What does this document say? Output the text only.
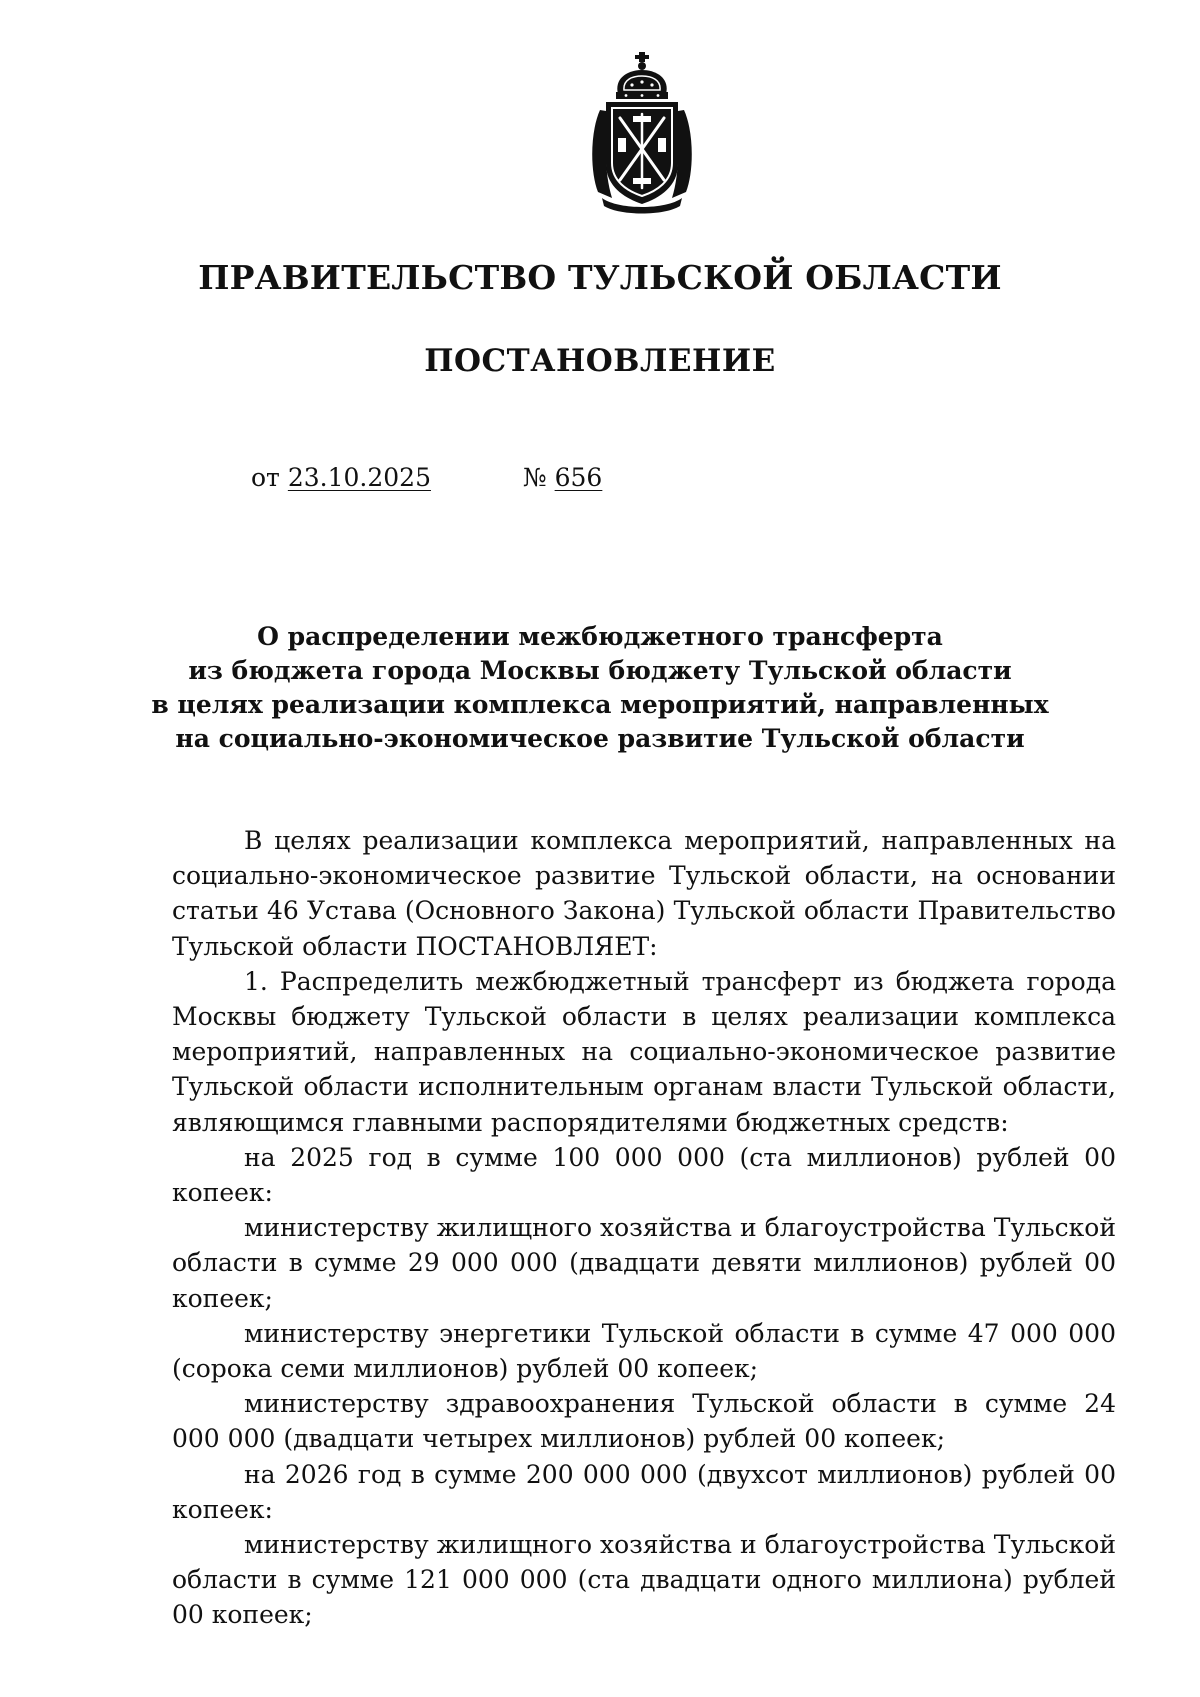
ПРАВИТЕЛЬСТВО ТУЛЬСКОЙ ОБЛАСТИ
ПОСТАНОВЛЕНИЕ
от 23.10.2025	№ 656
О распределении межбюджетного трансферта
из бюджета города Москвы бюджету Тульской области
в целях реализации комплекса мероприятий, направленных
на социально-экономическое развитие Тульской области

В целях реализации комплекса мероприятий, направленных на социально-экономическое развитие Тульской области, на основании статьи 46 Устава (Основного Закона) Тульской области Правительство Тульской области ПОСТАНОВЛЯЕТ:

1. Распределить межбюджетный трансферт из бюджета города Москвы бюджету Тульской области в целях реализации комплекса мероприятий, направленных на социально-экономическое развитие Тульской области исполнительным органам власти Тульской области, являющимся главными распорядителями бюджетных средств:

на 2025 год в сумме 100 000 000 (ста миллионов) рублей 00 копеек:

министерству жилищного хозяйства и благоустройства Тульской области в сумме 29 000 000 (двадцати девяти миллионов) рублей 00 копеек;

министерству энергетики Тульской области в сумме 47 000 000 (сорока семи миллионов) рублей 00 копеек;

министерству здравоохранения Тульской области в сумме 24 000 000 (двадцати четырех миллионов) рублей 00 копеек;

на 2026 год в сумме 200 000 000 (двухсот миллионов) рублей 00 копеек:

министерству жилищного хозяйства и благоустройства Тульской области в сумме 121 000 000 (ста двадцати одного миллиона) рублей 00 копеек;
